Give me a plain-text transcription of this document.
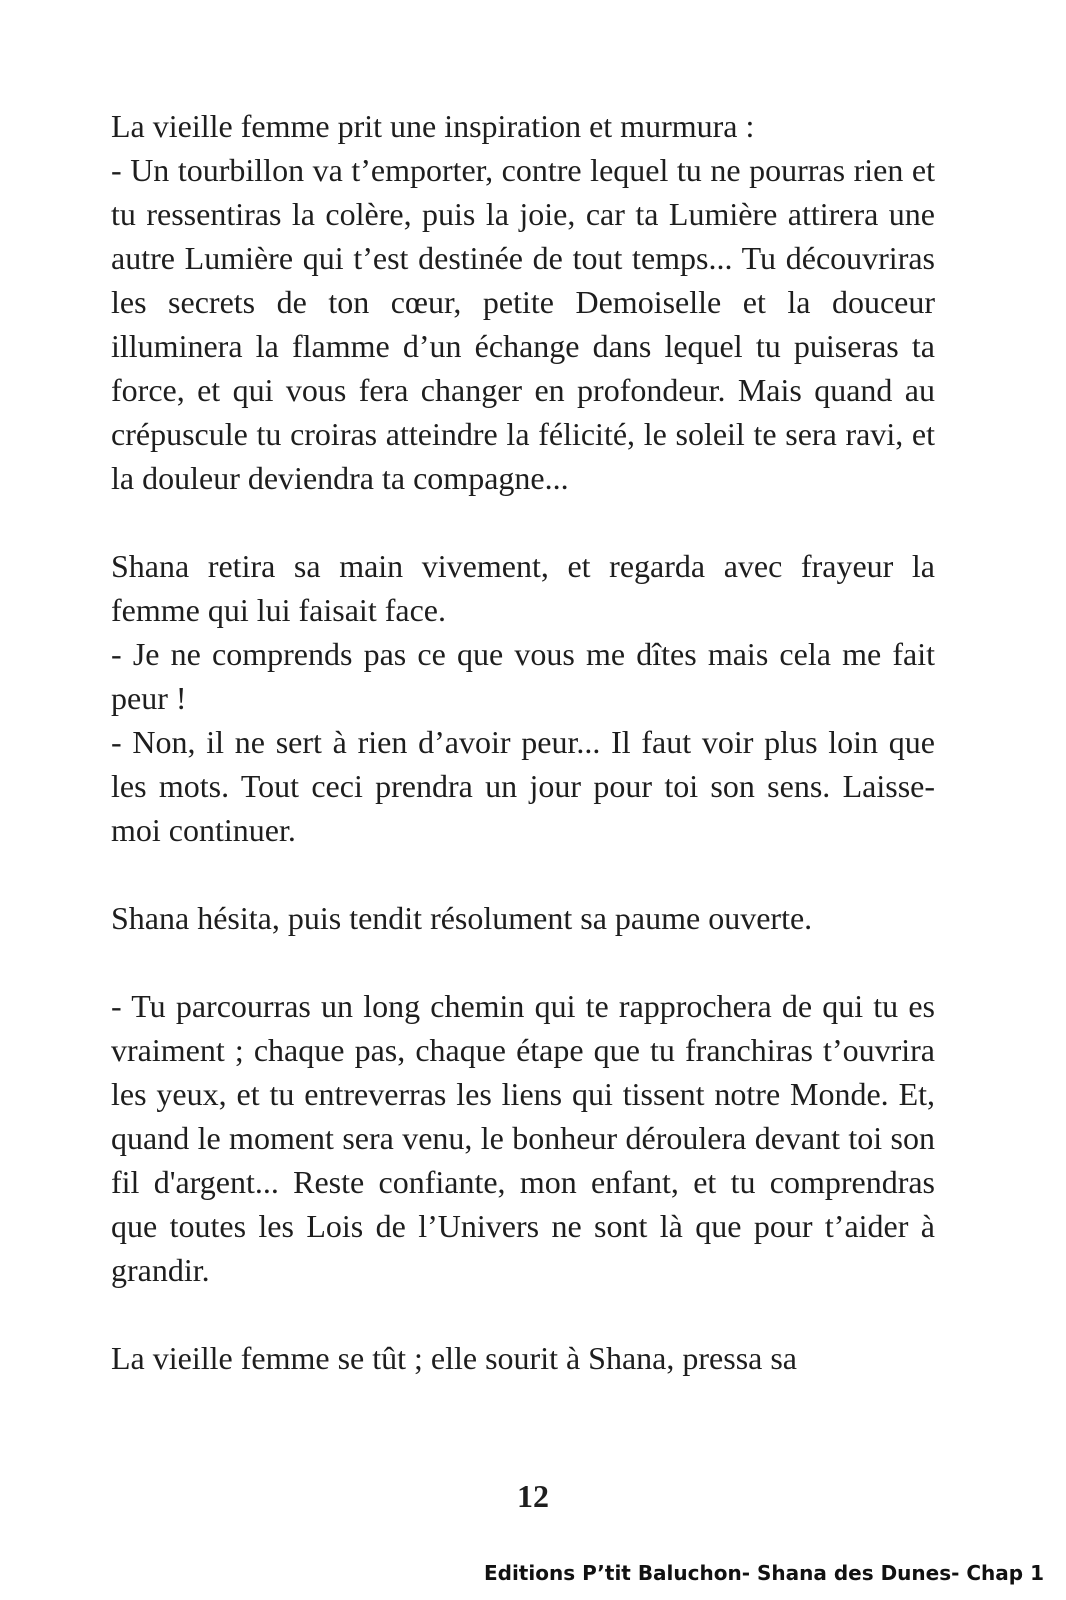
La vieille femme prit une inspiration et murmura :

- Un tourbillon va t’emporter, contre lequel tu ne pourras rien et tu ressentiras la colère, puis la joie, car ta Lumière attirera une autre Lumière qui t’est destinée de tout temps... Tu découvriras les secrets de ton cœur, petite Demoiselle et la douceur illuminera la flamme d’un échange dans lequel tu puiseras ta force, et qui vous fera changer en profondeur. Mais quand au crépuscule tu croiras atteindre la félicité, le soleil te sera ravi, et la douleur deviendra ta compagne...

Shana retira sa main vivement, et regarda avec frayeur la femme qui lui faisait face.

- Je ne comprends pas ce que vous me dîtes mais cela me fait peur !

- Non, il ne sert à rien d’avoir peur... Il faut voir plus loin que les mots. Tout ceci prendra un jour pour toi son sens. Laisse-moi continuer.

Shana hésita, puis tendit résolument sa paume ouverte.

- Tu parcourras un long chemin qui te rapprochera de qui tu es vraiment ; chaque pas, chaque étape que tu franchiras t’ouvrira les yeux, et tu entreverras les liens qui tissent notre Monde. Et, quand le moment sera venu, le bonheur déroulera devant toi son fil d'argent... Reste confiante, mon enfant, et tu comprendras que toutes les Lois de l’Univers ne sont là que pour t’aider à grandir.

La vieille femme se tût ; elle sourit à Shana, pressa sa

12
Editions P’tit Baluchon- Shana des Dunes- Chap 1
